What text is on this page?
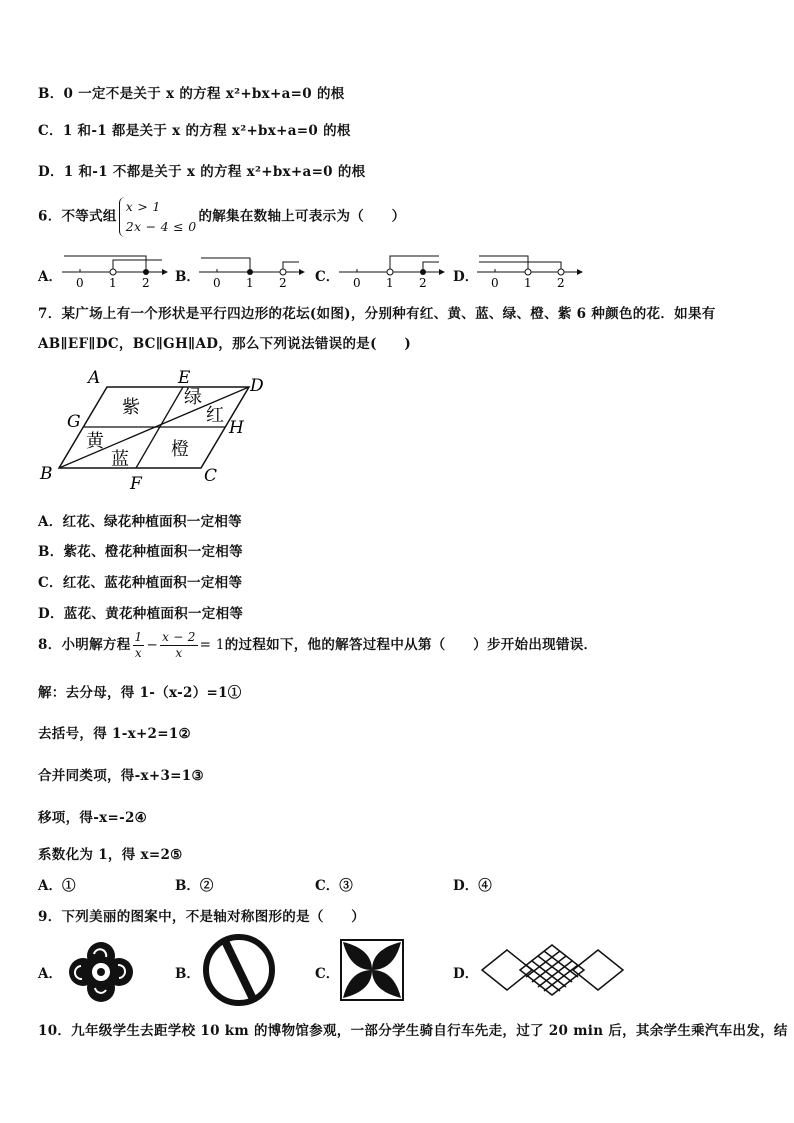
B．0 一定不是关于 x 的方程 x²+bx+a=0 的根
C．1 和-1 都是关于 x 的方程 x²+bx+a=0 的根
D．1 和-1 不都是关于 x 的方程 x²+bx+a=0 的根
6．不等式组
x > 1
2x − 4 ≤ 0
的解集在数轴上可表示为（　　）
A．	B．	C．	D．
0 1 2	0 1 2	0 1 2	0 1 2
7．某广场上有一个形状是平行四边形的花坛(如图)，分别种有红、黄、蓝、绿、橙、紫 6 种颜色的花．如果有
AB∥EF∥DC，BC∥GH∥AD，那么下列说法错误的是(　　)
A	E	D
G	H
B	F	C
紫 绿
红
黄	橙
蓝
A．红花、绿花种植面积一定相等
B．紫花、橙花种植面积一定相等
C．红花、蓝花种植面积一定相等
D．蓝花、黄花种植面积一定相等
8．小明解方程 $\frac{1}{x} - \frac{x - 2}{x} = 1$的过程如下，他的解答过程中从第（　　）步开始出现错误．
解：去分母，得 1-（x-2）=1①
去括号，得 1-x+2=1②
合并同类项，得-x+3=1③
移项，得-x=-2④
系数化为 1，得 x=2⑤
A．①	B．②	C．③	D．④
9．下列美丽的图案中，不是轴对称图形的是（　　）
A．	B．	C．	D．
10．九年级学生去距学校 10 km 的博物馆参观，一部分学生骑自行车先走，过了 20 min 后，其余学生乘汽车出发，结
